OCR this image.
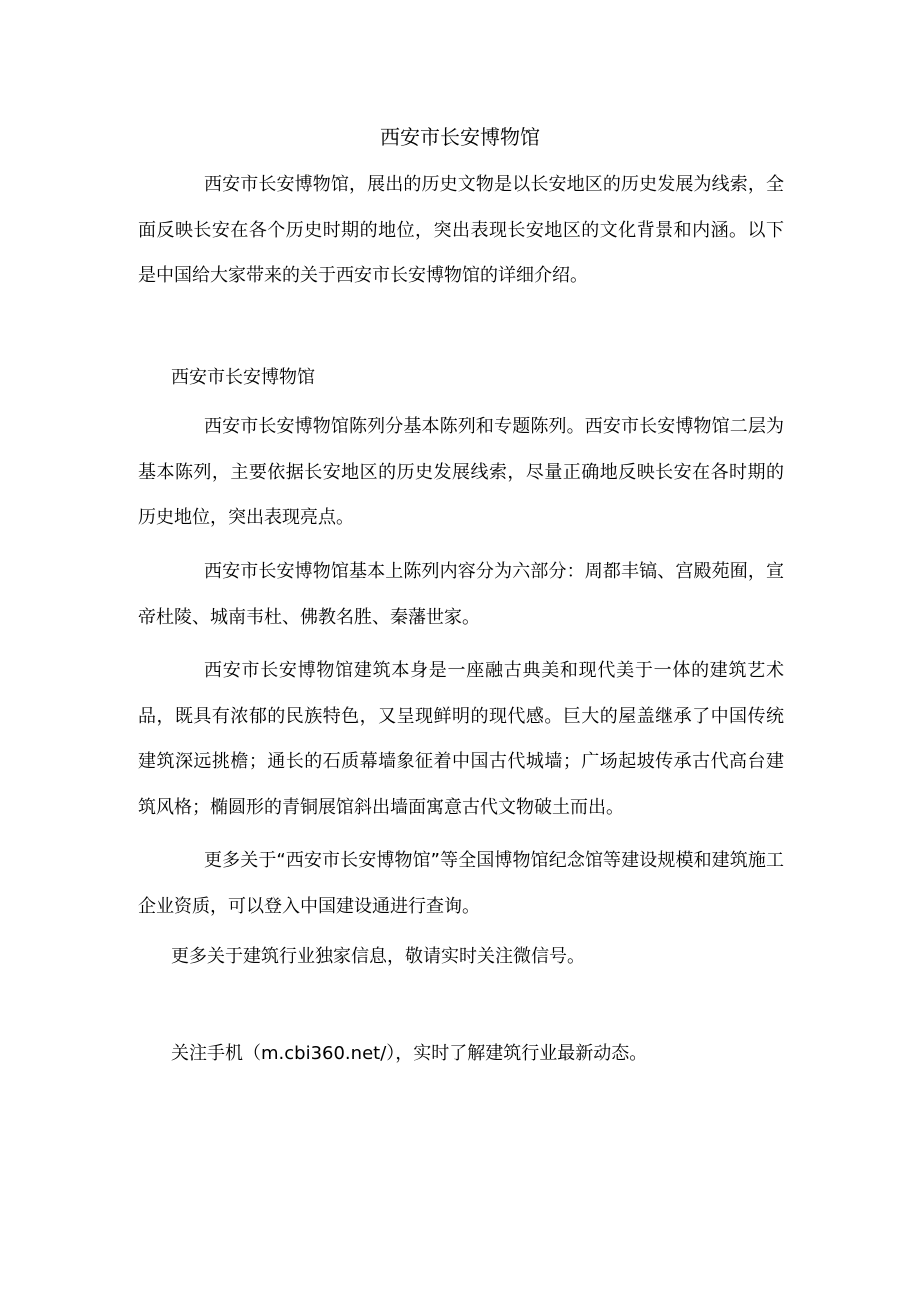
西安市长安博物馆
西安市长安博物馆，展出的历史文物是以长安地区的历史发展为线索，全面反映长安在各个历史时期的地位，突出表现长安地区的文化背景和内涵。以下是中国给大家带来的关于西安市长安博物馆的详细介绍。
西安市长安博物馆
西安市长安博物馆陈列分基本陈列和专题陈列。西安市长安博物馆二层为基本陈列，主要依据长安地区的历史发展线索，尽量正确地反映长安在各时期的历史地位，突出表现亮点。
西安市长安博物馆基本上陈列内容分为六部分：周都丰镐、宫殿苑囿，宣帝杜陵、城南韦杜、佛教名胜、秦藩世家。
西安市长安博物馆建筑本身是一座融古典美和现代美于一体的建筑艺术品，既具有浓郁的民族特色，又呈现鲜明的现代感。巨大的屋盖继承了中国传统建筑深远挑檐；通长的石质幕墙象征着中国古代城墙；广场起坡传承古代高台建筑风格；椭圆形的青铜展馆斜出墙面寓意古代文物破土而出。
更多关于“西安市长安博物馆”等全国博物馆纪念馆等建设规模和建筑施工企业资质，可以登入中国建设通进行查询。
更多关于建筑行业独家信息，敬请实时关注微信号。
关注手机（m.cbi360.net/），实时了解建筑行业最新动态。
